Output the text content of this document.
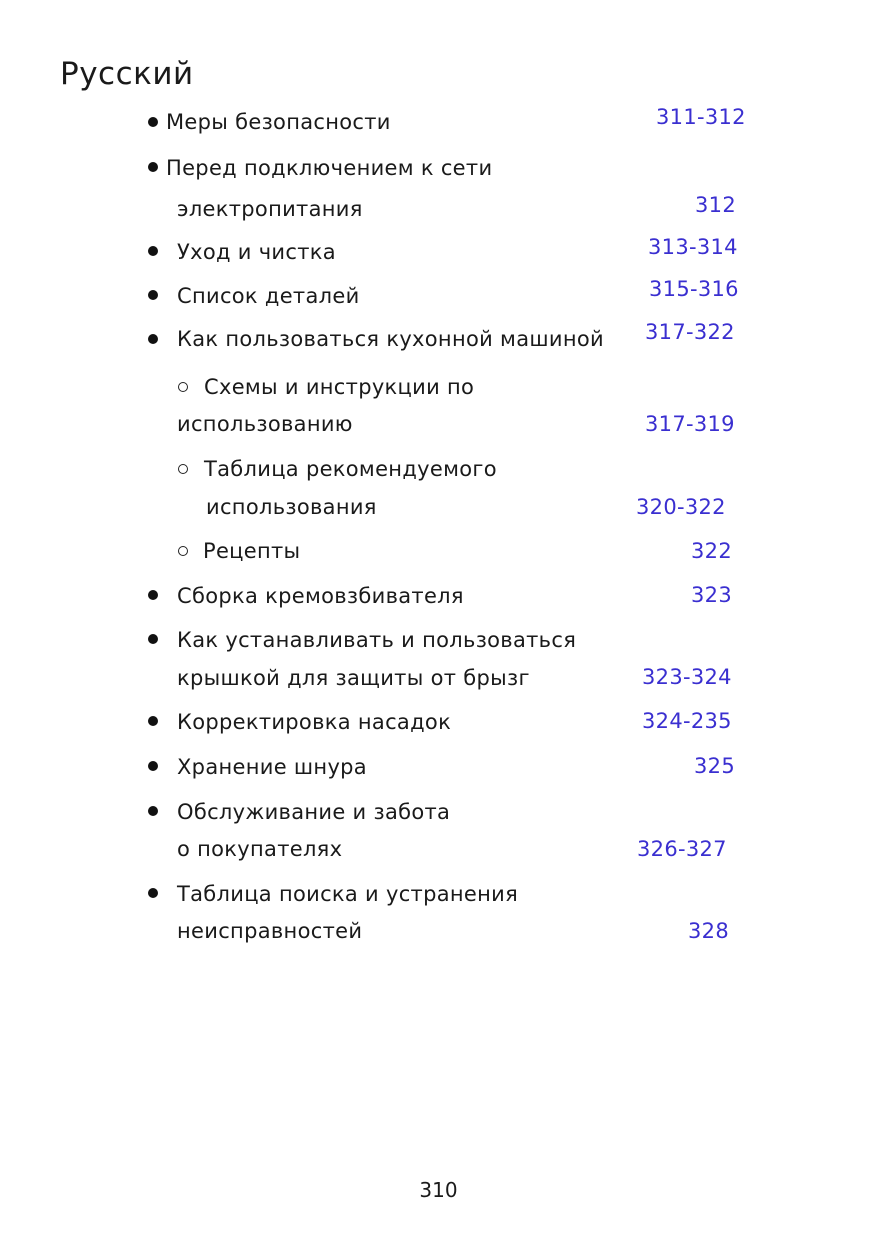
Русский
Меры безопасности	311-312
Перед подключением к сети
электропитания	312
Уход и чистка	313-314
Список деталей	315-316
Как пользоваться кухонной машиной 317-322
Схемы и инструкции по
использованию	317-319
Таблица рекомендуемого
использования	320-322
Рецепты	322
Сборка кремовзбивателя	323
Как устанавливать и пользоваться
крышкой для защиты от брызг	323-324
Корректировка насадок	324-235
Хранение шнура	325
Обслуживание и забота
о покупателях	326-327
Таблица поиска и устранения
неисправностей	328
310
